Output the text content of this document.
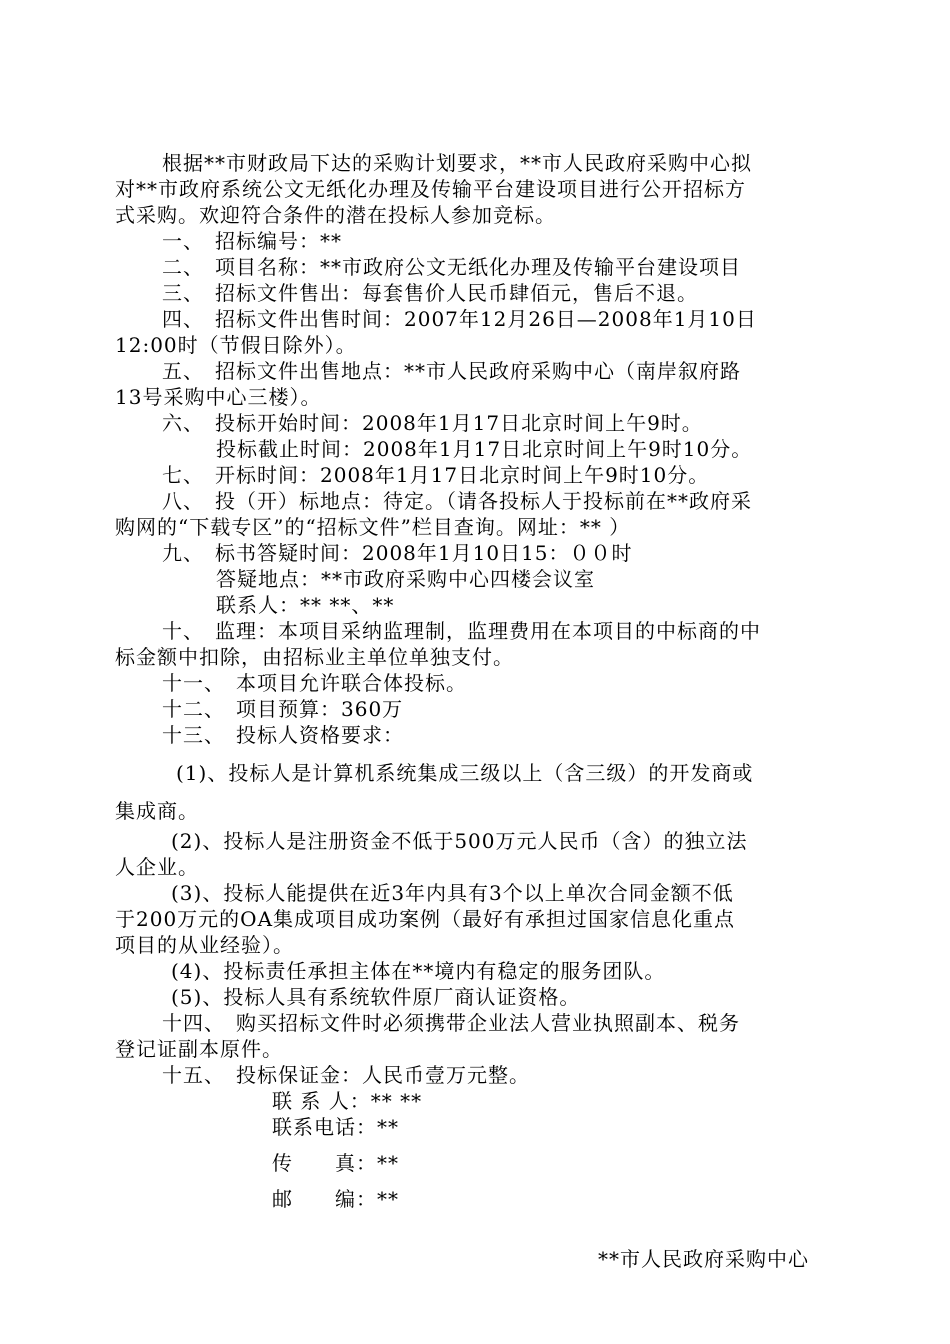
根据**市财政局下达的采购计划要求，**市人民政府采购中心拟
对**市政府系统公文无纸化办理及传输平台建设项目进行公开招标方
式采购。欢迎符合条件的潜在投标人参加竞标。
一、　招标编号：**
二、　项目名称：**市政府公文无纸化办理及传输平台建设项目
三、　招标文件售出：每套售价人民币肆佰元，售后不退。
四、　招标文件出售时间：2007年12月26日—2008年1月10日
12:00时（节假日除外）。
五、　招标文件出售地点：**市人民政府采购中心（南岸叙府路
13号采购中心三楼）。
六、　投标开始时间：2008年1月17日北京时间上午9时。
投标截止时间：2008年1月17日北京时间上午9时10分。
七、　开标时间：2008年1月17日北京时间上午9时10分。
八、　投（开）标地点：待定。（请各投标人于投标前在**政府采
购网的“下载专区”的“招标文件”栏目查询。网址：** ）
九、　标书答疑时间：2008年1月10日15：００时
答疑地点：**市政府采购中心四楼会议室
联系人：** **、**
十、　监理：本项目采纳监理制，监理费用在本项目的中标商的中
标金额中扣除，由招标业主单位单独支付。
十一、　本项目允许联合体投标。
十二、　项目预算：360万
十三、　投标人资格要求：
(1)、投标人是计算机系统集成三级以上（含三级）的开发商或
集成商。
(2)、投标人是注册资金不低于500万元人民币（含）的独立法
人企业。
(3)、投标人能提供在近3年内具有3个以上单次合同金额不低
于200万元的OA集成项目成功案例（最好有承担过国家信息化重点
项目的从业经验）。
(4)、投标责任承担主体在**境内有稳定的服务团队。
(5)、投标人具有系统软件原厂商认证资格。
十四、　购买招标文件时必须携带企业法人营业执照副本、税务
登记证副本原件。
十五、　投标保证金：人民币壹万元整。
联 系 人：** **
联系电话：**
传　　真：**
邮　　编：**
**市人民政府采购中心
